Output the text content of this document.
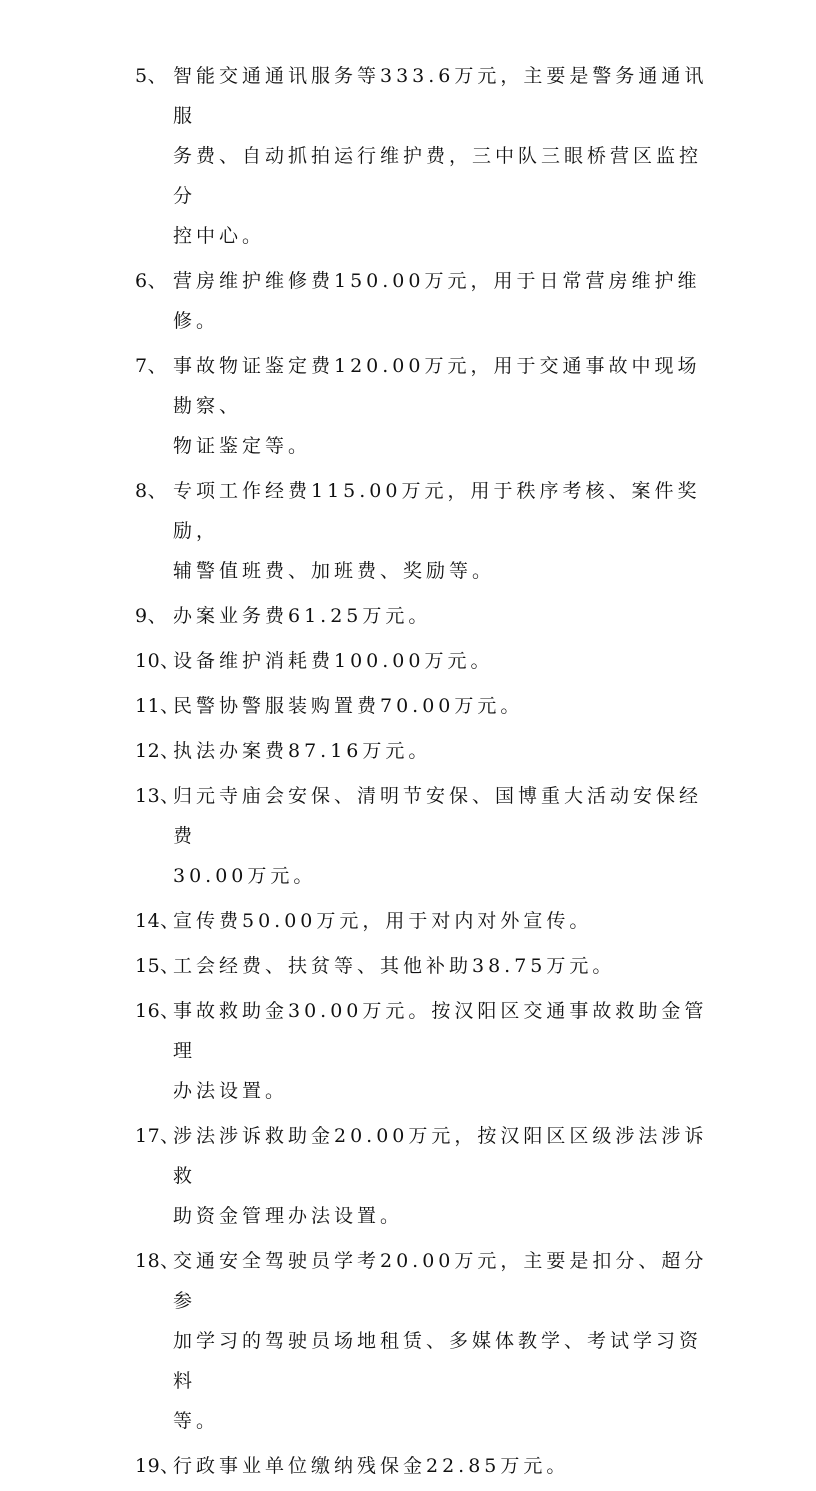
5、 智能交通通讯服务等333.6万元，主要是警务通通讯服
务费、自动抓拍运行维护费，三中队三眼桥营区监控分
控中心。
6、 营房维护维修费150.00万元，用于日常营房维护维修。
7、 事故物证鉴定费120.00万元，用于交通事故中现场勘察、
物证鉴定等。
8、 专项工作经费115.00万元，用于秩序考核、案件奖励，
辅警值班费、加班费、奖励等。
9、 办案业务费61.25万元。
10、
设备维护消耗费100.00万元。
11、
民警协警服装购置费70.00万元。
12、
执法办案费87.16万元。
13、
归元寺庙会安保、清明节安保、国博重大活动安保经费
30.00万元。
14、
宣传费50.00万元，用于对内对外宣传。
15、
工会经费、扶贫等、其他补助38.75万元。
16、
事故救助金30.00万元。按汉阳区交通事故救助金管理
办法设置。
17、
涉法涉诉救助金20.00万元，按汉阳区区级涉法涉诉救
助资金管理办法设置。
18、
交通安全驾驶员学考20.00万元，主要是扣分、超分参
加学习的驾驶员场地租赁、多媒体教学、考试学习资料
等。
19、
行政事业单位缴纳残保金22.85万元。
